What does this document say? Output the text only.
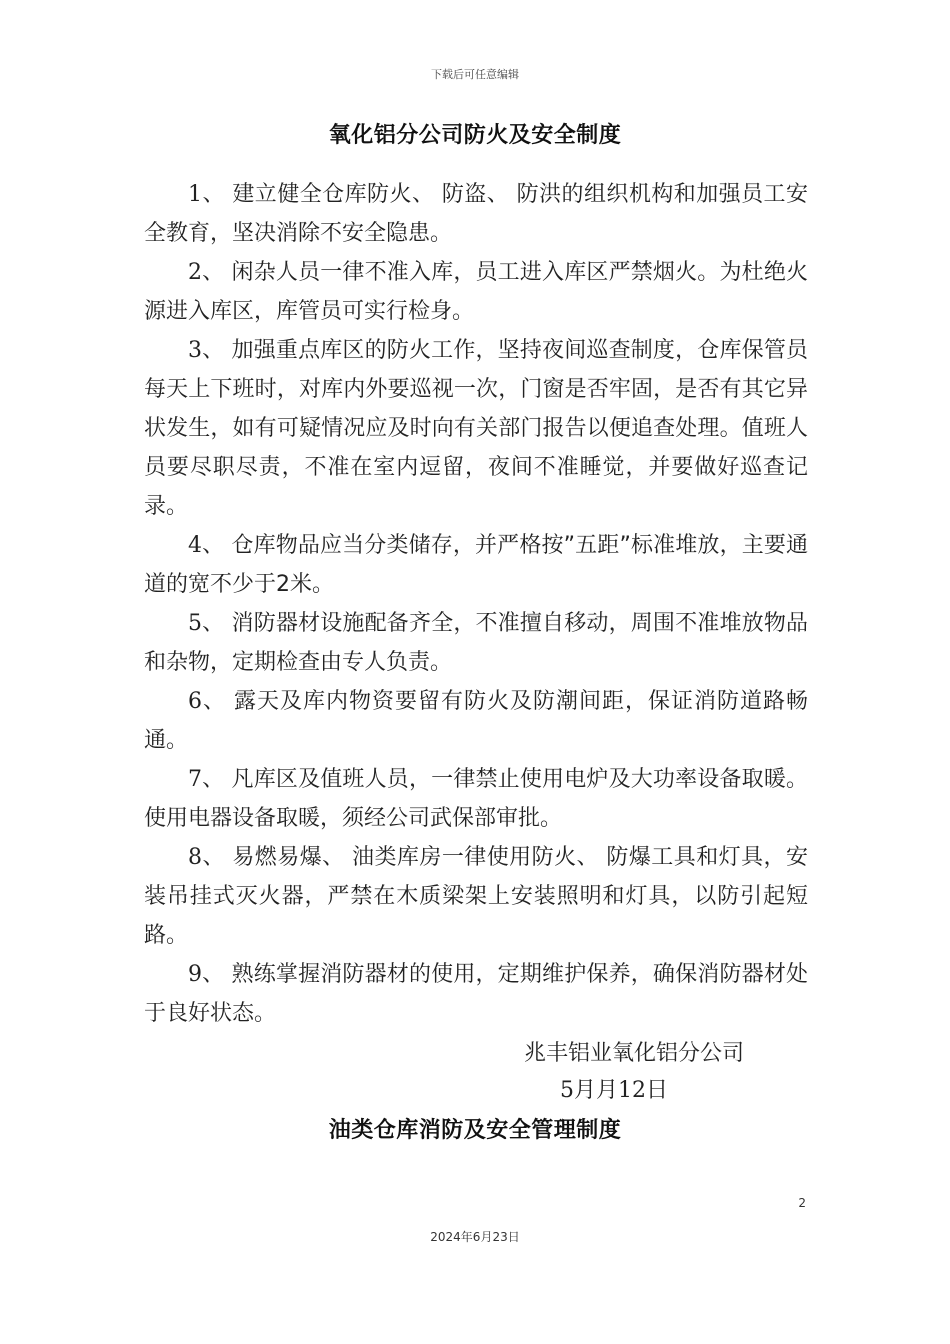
下载后可任意编辑
氧化铝分公司防火及安全制度

1、 建立健全仓库防火、 防盗、 防洪的组织机构和加强员工安全教育，坚决消除不安全隐患。

2、 闲杂人员一律不准入库，员工进入库区严禁烟火。为杜绝火源进入库区，库管员可实行检身。

3、 加强重点库区的防火工作，坚持夜间巡查制度，仓库保管员每天上下班时，对库内外要巡视一次，门窗是否牢固，是否有其它异状发生，如有可疑情况应及时向有关部门报告以便追查处理。值班人员要尽职尽责，不准在室内逗留，夜间不准睡觉，并要做好巡查记录。

4、 仓库物品应当分类储存，并严格按”五距”标准堆放，主要通道的宽不少于2米。

5、 消防器材设施配备齐全，不准擅自移动，周围不准堆放物品和杂物，定期检查由专人负责。

6、 露天及库内物资要留有防火及防潮间距，保证消防道路畅通。

7、 凡库区及值班人员，一律禁止使用电炉及大功率设备取暖。使用电器设备取暖，须经公司武保部审批。

8、 易燃易爆、 油类库房一律使用防火、 防爆工具和灯具，安装吊挂式灭火器，严禁在木质梁架上安装照明和灯具，以防引起短路。

9、 熟练掌握消防器材的使用，定期维护保养，确保消防器材处于良好状态。

兆丰铝业氧化铝分公司
5月月12日
油类仓库消防及安全管理制度
2
2024年6月23日
